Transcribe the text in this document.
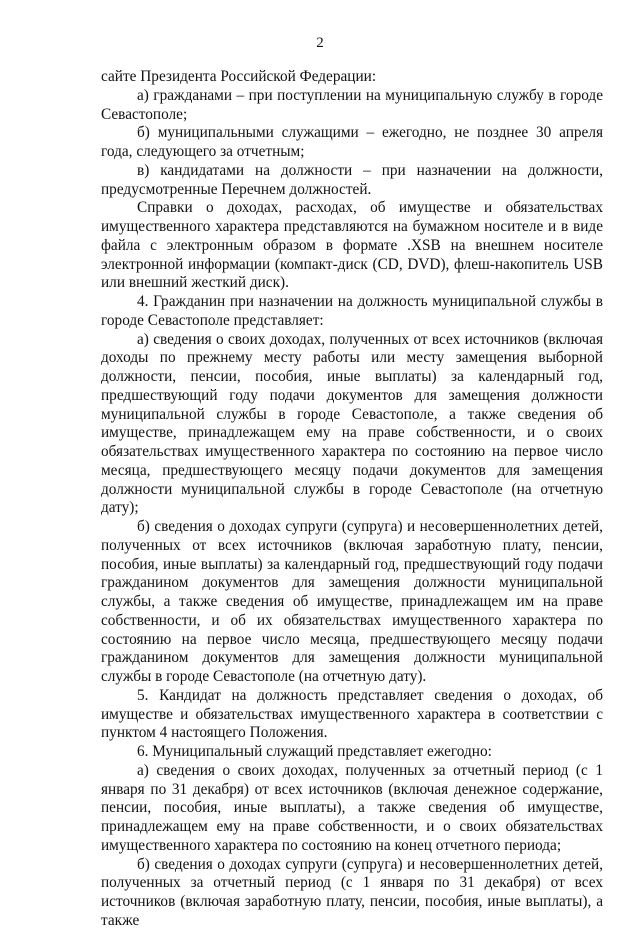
2

сайте Президента Российской Федерации:

а) гражданами – при поступлении на муниципальную службу в городе Севастополе;

б) муниципальными служащими – ежегодно, не позднее 30 апреля года, следующего за отчетным;

в) кандидатами на должности – при назначении на должности, предусмотренные Перечнем должностей.

Справки о доходах, расходах, об имуществе и обязательствах имущественного характера представляются на бумажном носителе и в виде файла с электронным образом в формате .XSB на внешнем носителе электронной информации (компакт-диск (CD, DVD), флеш-накопитель USB или внешний жесткий диск).

4. Гражданин при назначении на должность муниципальной службы в городе Севастополе представляет:

а) сведения о своих доходах, полученных от всех источников (включая доходы по прежнему месту работы или месту замещения выборной должности, пенсии, пособия, иные выплаты) за календарный год, предшествующий году подачи документов для замещения должности муниципальной службы в городе Севастополе, а также сведения об имуществе, принадлежащем ему на праве собственности, и о своих обязательствах имущественного характера по состоянию на первое число месяца, предшествующего месяцу подачи документов для замещения должности муниципальной службы в городе Севастополе (на отчетную дату);

б) сведения о доходах супруги (супруга) и несовершеннолетних детей, полученных от всех источников (включая заработную плату, пенсии, пособия, иные выплаты) за календарный год, предшествующий году подачи гражданином документов для замещения должности муниципальной службы, а также сведения об имуществе, принадлежащем им на праве собственности, и об их обязательствах имущественного характера по состоянию на первое число месяца, предшествующего месяцу подачи гражданином документов для замещения должности муниципальной службы в городе Севастополе (на отчетную дату).

5. Кандидат на должность представляет сведения о доходах, об имуществе и обязательствах имущественного характера в соответствии с пунктом 4 настоящего Положения.

6. Муниципальный служащий представляет ежегодно:

а) сведения о своих доходах, полученных за отчетный период (с 1 января по 31 декабря) от всех источников (включая денежное содержание, пенсии, пособия, иные выплаты), а также сведения об имуществе, принадлежащем ему на праве собственности, и о своих обязательствах имущественного характера по состоянию на конец отчетного периода;

б) сведения о доходах супруги (супруга) и несовершеннолетних детей, полученных за отчетный период (с 1 января по 31 декабря) от всех источников (включая заработную плату, пенсии, пособия, иные выплаты), а также
